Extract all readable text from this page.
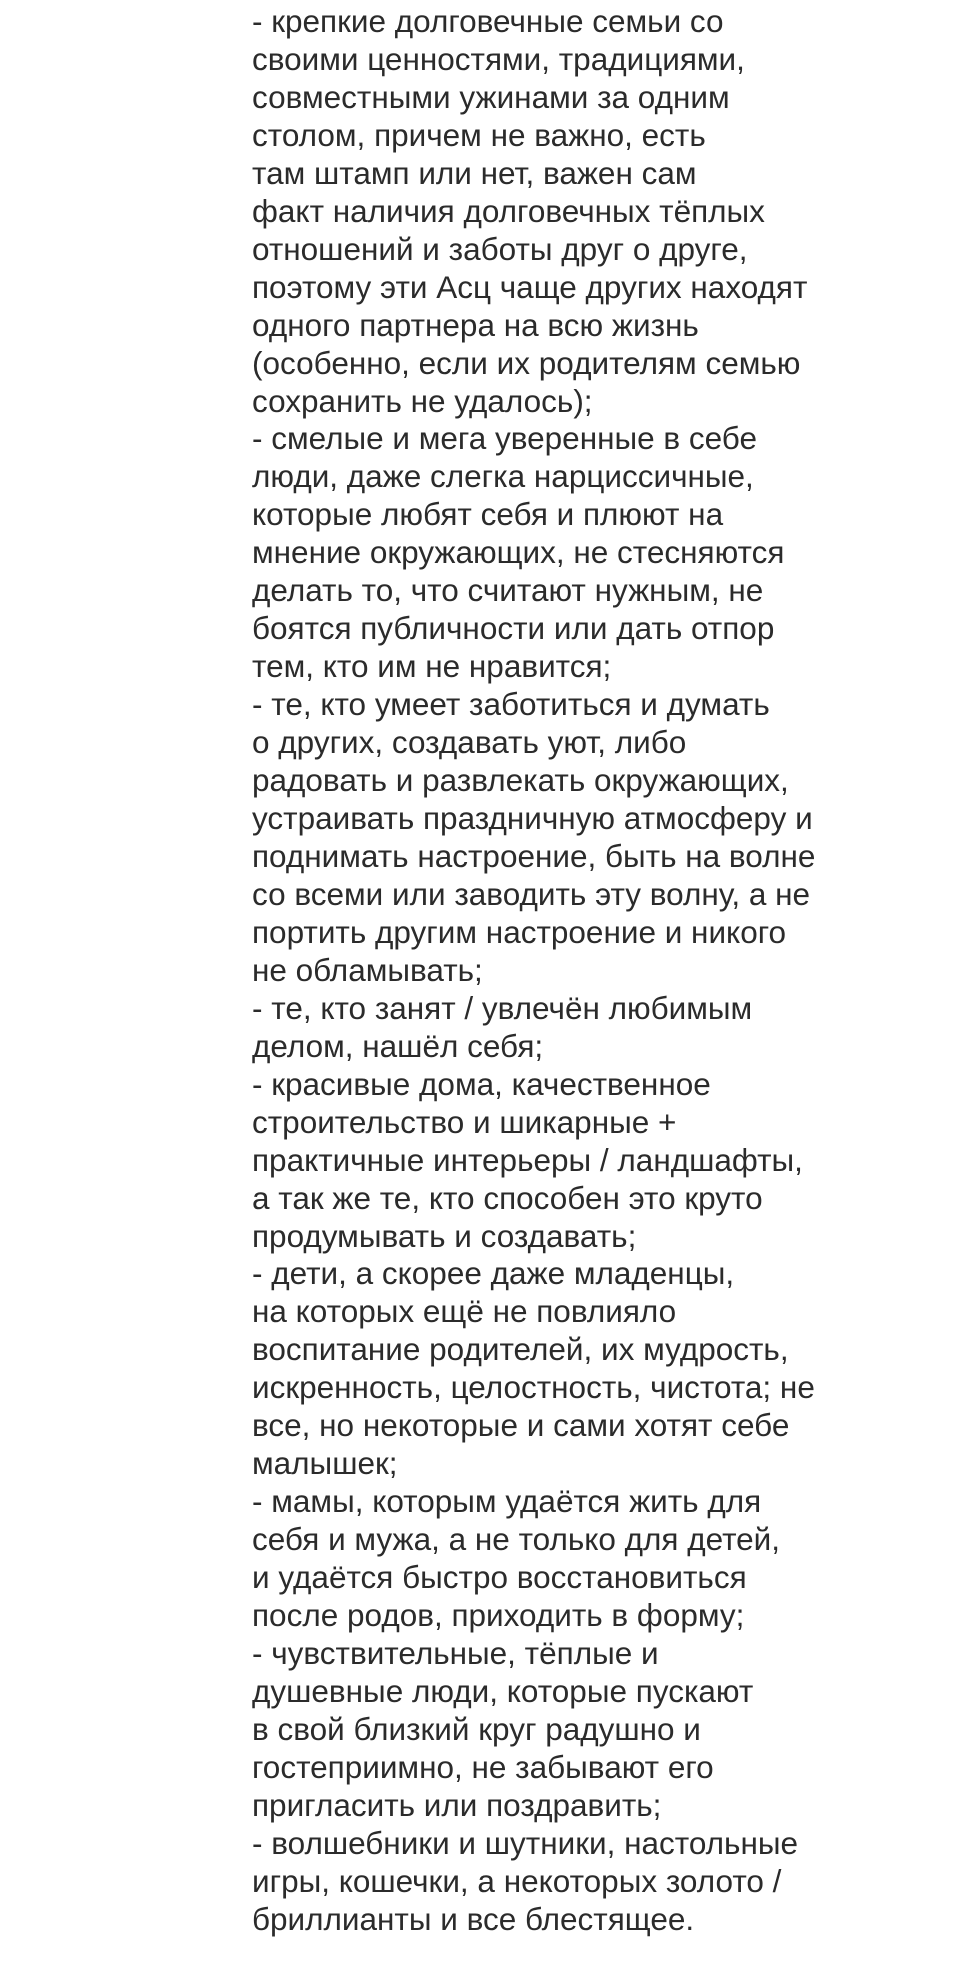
- крепкие долговечные семьи со
своими ценностями, традициями,
совместными ужинами за одним
столом, причем не важно, есть
там штамп или нет, важен сам
факт наличия долговечных тёплых
отношений и заботы друг о друге,
поэтому эти Асц чаще других находят
одного партнера на всю жизнь
(особенно, если их родителям семью
сохранить не удалось);
- смелые и мега уверенные в себе
люди, даже слегка нарциссичные,
которые любят себя и плюют на
мнение окружающих, не стесняются
делать то, что считают нужным, не
боятся публичности или дать отпор
тем, кто им не нравится;
- те, кто умеет заботиться и думать
о других, создавать уют, либо
радовать и развлекать окружающих,
устраивать праздничную атмосферу и
поднимать настроение, быть на волне
со всеми или заводить эту волну, а не
портить другим настроение и никого
не обламывать;
- те, кто занят / увлечён любимым
делом, нашёл себя;
- красивые дома, качественное
строительство и шикарные +
практичные интерьеры / ландшафты,
а так же те, кто способен это круто
продумывать и создавать;
- дети, а скорее даже младенцы,
на которых ещё не повлияло
воспитание родителей, их мудрость,
искренность, целостность, чистота; не
все, но некоторые и сами хотят себе
малышек;
- мамы, которым удаётся жить для
себя и мужа, а не только для детей,
и удаётся быстро восстановиться
после родов, приходить в форму;
- чувствительные, тёплые и
душевные люди, которые пускают
в свой близкий круг радушно и
гостеприимно, не забывают его
пригласить или поздравить;
- волшебники и шутники, настольные
игры, кошечки, а некоторых золото /
бриллианты и все блестящее.
